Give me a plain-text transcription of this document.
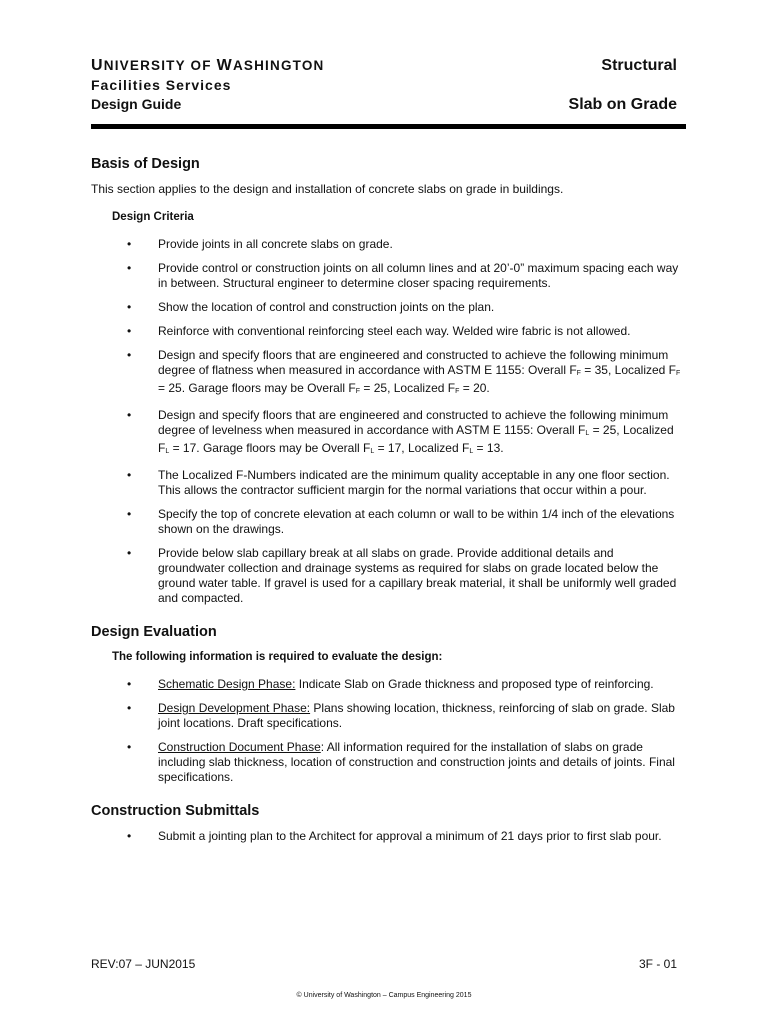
UNIVERSITY OF WASHINGTON	Structural
Facilities Services
Design Guide	Slab on Grade
Basis of Design

This section applies to the design and installation of concrete slabs on grade in buildings.

Design Criteria
• Provide joints in all concrete slabs on grade.
• Provide control or construction joints on all column lines and at 20’-0” maximum spacing each way in between. Structural engineer to determine closer spacing requirements.
• Show the location of control and construction joints on the plan.
• Reinforce with conventional reinforcing steel each way. Welded wire fabric is not allowed.
• Design and specify floors that are engineered and constructed to achieve the following minimum degree of flatness when measured in accordance with ASTM E 1155: Overall $F_F = 35$, Localized $F_F = 25$. Garage floors may be Overall $F_F = 25$, Localized $F_F = 20$.
• Design and specify floors that are engineered and constructed to achieve the following minimum degree of levelness when measured in accordance with ASTM E 1155: Overall $F_L = 25$, Localized $F_L = 17$. Garage floors may be Overall $F_L = 17$, Localized $F_L = 13$.
• The Localized F-Numbers indicated are the minimum quality acceptable in any one floor section. This allows the contractor sufficient margin for the normal variations that occur within a pour.
• Specify the top of concrete elevation at each column or wall to be within 1/4 inch of the elevations shown on the drawings.
• Provide below slab capillary break at all slabs on grade. Provide additional details and groundwater collection and drainage systems as required for slabs on grade located below the ground water table. If gravel is used for a capillary break material, it shall be uniformly well graded and compacted.
Design Evaluation
The following information is required to evaluate the design:
• Schematic Design Phase: Indicate Slab on Grade thickness and proposed type of reinforcing.
• Design Development Phase: Plans showing location, thickness, reinforcing of slab on grade. Slab joint locations. Draft specifications.
• Construction Document Phase: All information required for the installation of slabs on grade including slab thickness, location of construction and construction joints and details of joints. Final specifications.
Construction Submittals
• Submit a jointing plan to the Architect for approval a minimum of 21 days prior to first slab pour.
REV:07 – JUN2015	3F - 01
© University of Washington – Campus Engineering 2015
